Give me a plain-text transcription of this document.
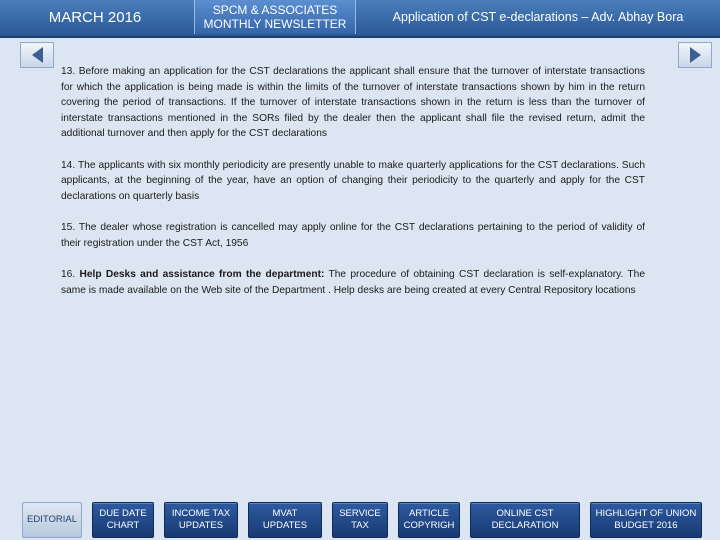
MARCH 2016	SPCM & ASSOCIATES
MONTHLY NEWSLETTER	Application of CST e-declarations – Adv. Abhay Bora

13. Before making an application for the CST declarations the applicant shall ensure that the turnover of interstate transactions for which the application is being made is within the limits of the turnover of interstate transactions shown by him in the return covering the period of transactions. If the turnover of interstate transactions shown in the return is less than the turnover of interstate transactions mentioned in the SORs filed by the dealer then the applicant shall file the revised return, admit the additional turnover and then apply for the CST declarations

14. The applicants with six monthly periodicity are presently unable to make quarterly applications for the CST declarations. Such applicants, at the beginning of the year, have an option of changing their periodicity to the quarterly and apply for the CST declarations on quarterly basis

15. The dealer whose registration is cancelled may apply online for the CST declarations pertaining to the period of validity of their registration under the CST Act, 1956

16. Help Desks and assistance from the department: The procedure of obtaining CST declaration is self-explanatory. The same is made available on the Web site of the Department . Help desks are being created at every Central Repository locations

EDITORIAL
DUE DATE
CHART
INCOME TAX
UPDATES
MVAT
UPDATES
SERVICE
TAX
ARTICLE
COPYRIGH
ONLINE CST
DECLARATION
HIGHLIGHT OF UNION
BUDGET 2016
